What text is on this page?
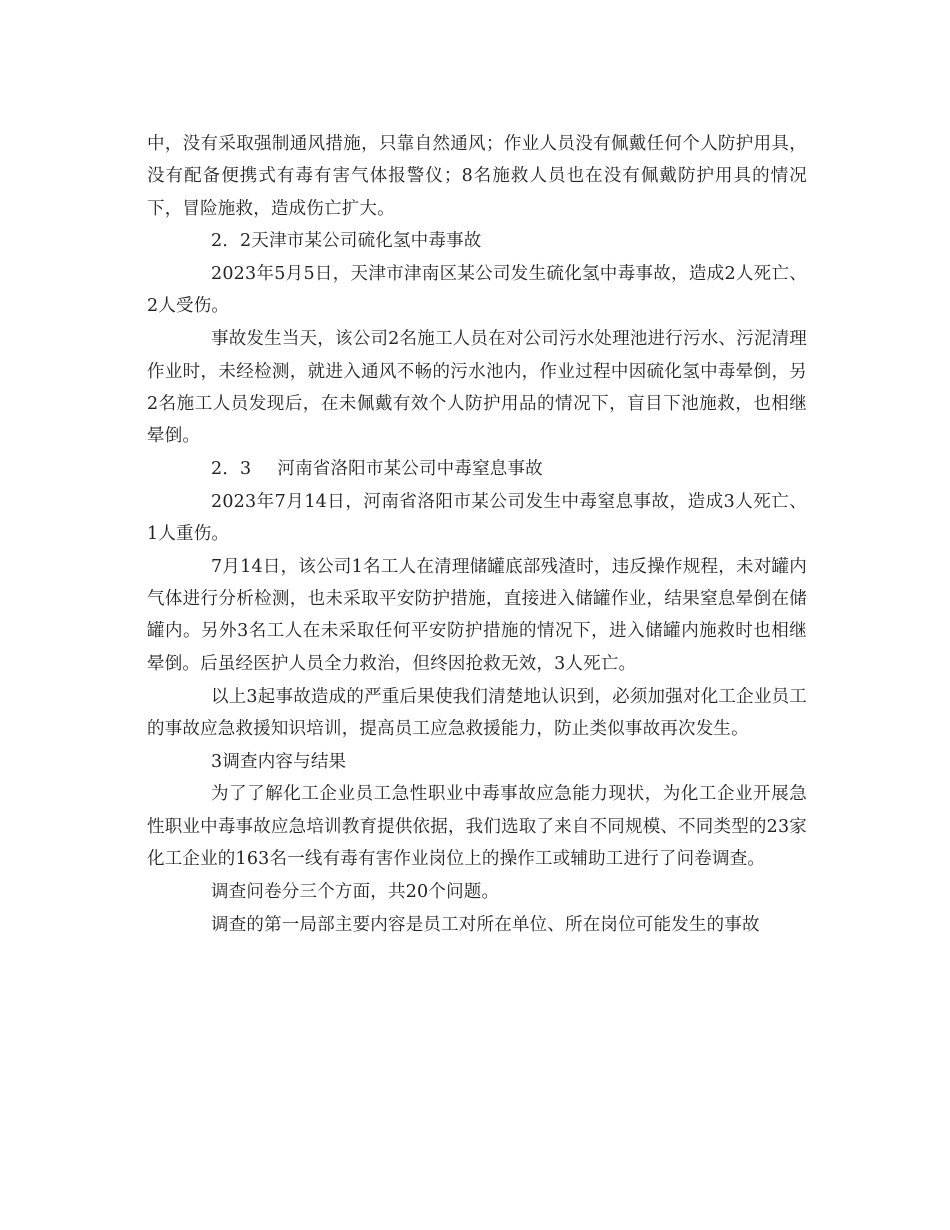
中，没有采取强制通风措施，只靠自然通风；作业人员没有佩戴任何个人防护用具，没有配备便携式有毒有害气体报警仪；8名施救人员也在没有佩戴防护用具的情况下，冒险施救，造成伤亡扩大。

2．2天津市某公司硫化氢中毒事故

2023年5月5日，天津市津南区某公司发生硫化氢中毒事故，造成2人死亡、2人受伤。

事故发生当天，该公司2名施工人员在对公司污水处理池进行污水、污泥清理作业时，未经检测，就进入通风不畅的污水池内，作业过程中因硫化氢中毒晕倒，另2名施工人员发现后，在未佩戴有效个人防护用品的情况下，盲目下池施救，也相继晕倒。

2．3 河南省洛阳市某公司中毒窒息事故

2023年7月14日，河南省洛阳市某公司发生中毒窒息事故，造成3人死亡、1人重伤。

7月14日，该公司1名工人在清理储罐底部残渣时，违反操作规程，未对罐内气体进行分析检测，也未采取平安防护措施，直接进入储罐作业，结果窒息晕倒在储罐内。另外3名工人在未采取任何平安防护措施的情况下，进入储罐内施救时也相继晕倒。后虽经医护人员全力救治，但终因抢救无效，3人死亡。

以上3起事故造成的严重后果使我们清楚地认识到，必须加强对化工企业员工的事故应急救援知识培训，提高员工应急救援能力，防止类似事故再次发生。

3调查内容与结果

为了了解化工企业员工急性职业中毒事故应急能力现状，为化工企业开展急性职业中毒事故应急培训教育提供依据，我们选取了来自不同规模、不同类型的23家化工企业的163名一线有毒有害作业岗位上的操作工或辅助工进行了问卷调查。

调查问卷分三个方面，共20个问题。

调查的第一局部主要内容是员工对所在单位、所在岗位可能发生的事故
